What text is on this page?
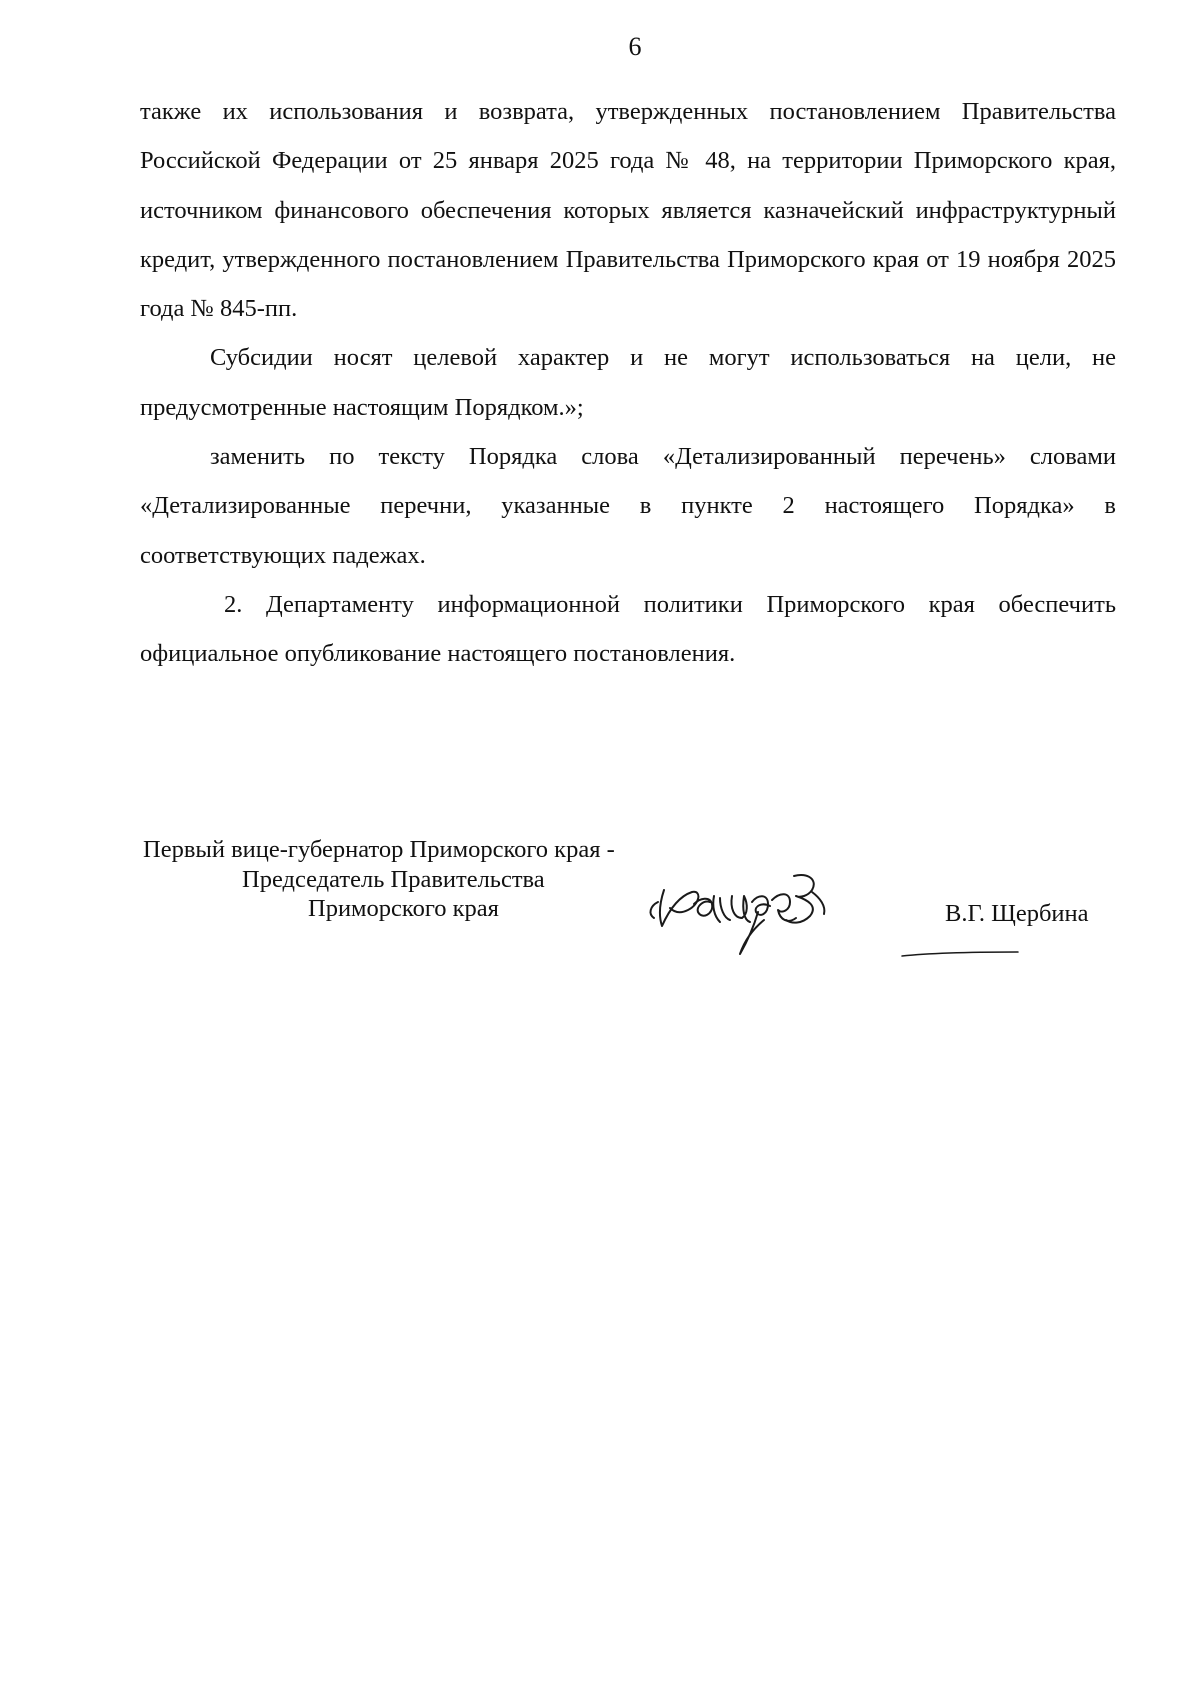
6

также их использования и возврата, утвержденных постановлением Правительства Российской Федерации от 25 января 2025 года № 48, на территории Приморского края, источником финансового обеспечения которых является казначейский инфраструктурный кредит, утвержденного постановлением Правительства Приморского края от 19 ноября 2025 года № 845-пп.

Субсидии носят целевой характер и не могут использоваться на цели, не предусмотренные настоящим Порядком.»;

заменить по тексту Порядка слова «Детализированный перечень» словами «Детализированные перечни, указанные в пункте 2 настоящего Порядка» в соответствующих падежах.

2. Департаменту информационной политики Приморского края обеспечить официальное опубликование настоящего постановления.

Первый вице-губернатор Приморского края -
Председатель Правительства
Приморского края	В.Г. Щербина
